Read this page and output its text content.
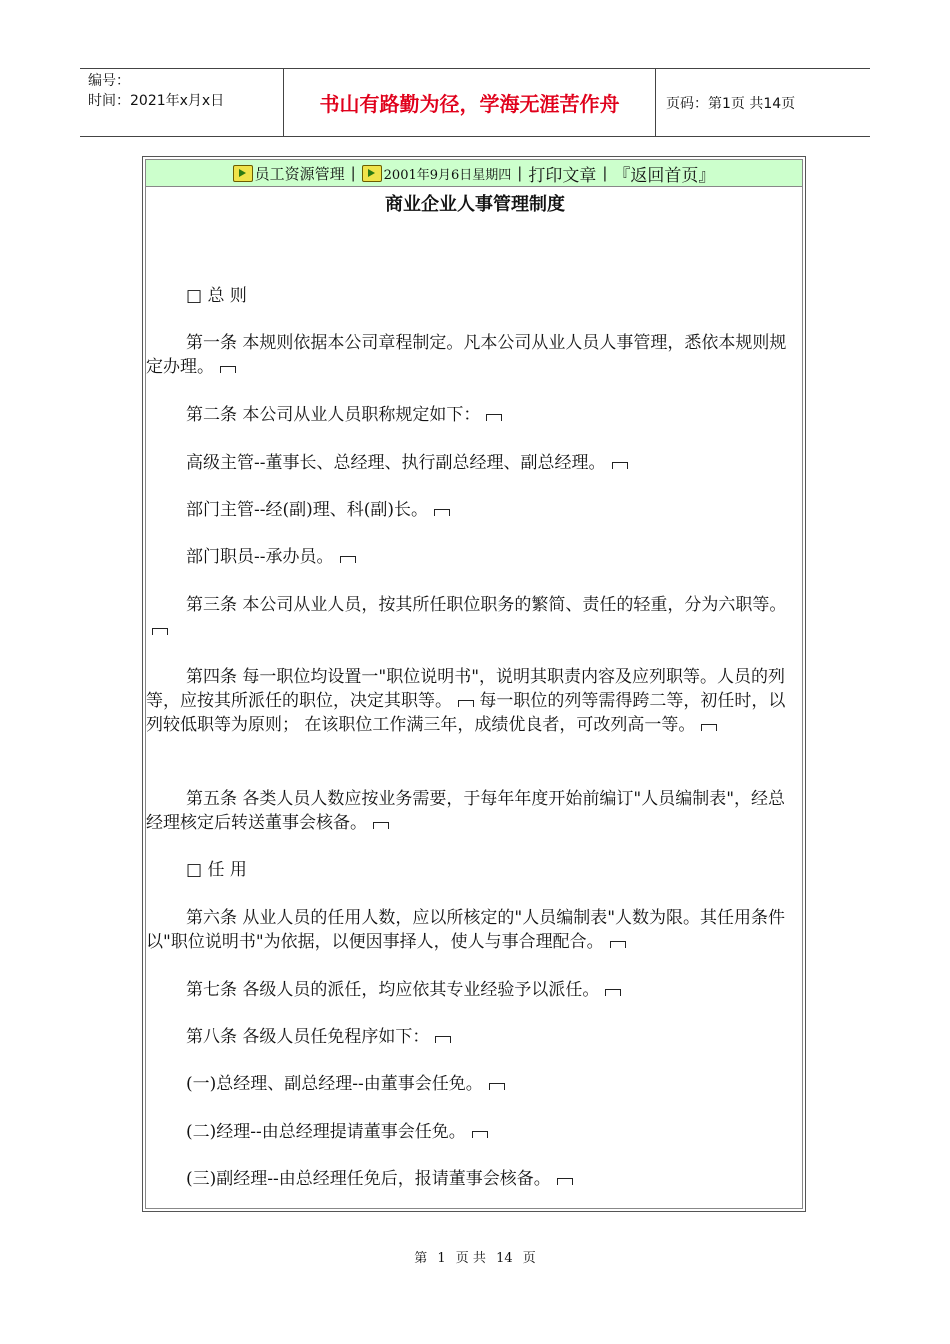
编号：
时间：2021年x月x日	书山有路勤为径，学海无涯苦作舟	页码：第1页 共14页
员工资源管理 | 2001年9月6日星期四 | 打印文章 | 『返回首页』
商业企业人事管理制度

□ 总 则

第一条 本规则依据本公司章程制定。凡本公司从业人员人事管理，悉依本规则规定办理。

第二条 本公司从业人员职称规定如下：

高级主管--董事长、总经理、执行副总经理、副总经理。

部门主管--经(副)理、科(副)长。

部门职员--承办员。

第三条 本公司从业人员，按其所任职位职务的繁简、责任的轻重，分为六职等。

第四条 每一职位均设置一"职位说明书"，说明其职责内容及应列职等。人员的列等，应按其所派任的职位，决定其职等。 每一职位的列等需得跨二等，初任时，以列较低职等为原则； 在该职位工作满三年，成绩优良者，可改列高一等。

第五条 各类人员人数应按业务需要，于每年年度开始前编订"人员编制表"，经总经理核定后转送董事会核备。

□ 任 用

第六条 从业人员的任用人数，应以所核定的"人员编制表"人数为限。其任用条件以"职位说明书"为依据，以便因事择人，使人与事合理配合。

第七条 各级人员的派任，均应依其专业经验予以派任。

第八条 各级人员任免程序如下：

(一)总经理、副总经理--由董事会任免。

(二)经理--由总经理提请董事会任免。

(三)副经理--由总经理任免后，报请董事会核备。

第 1 页 共 14 页
